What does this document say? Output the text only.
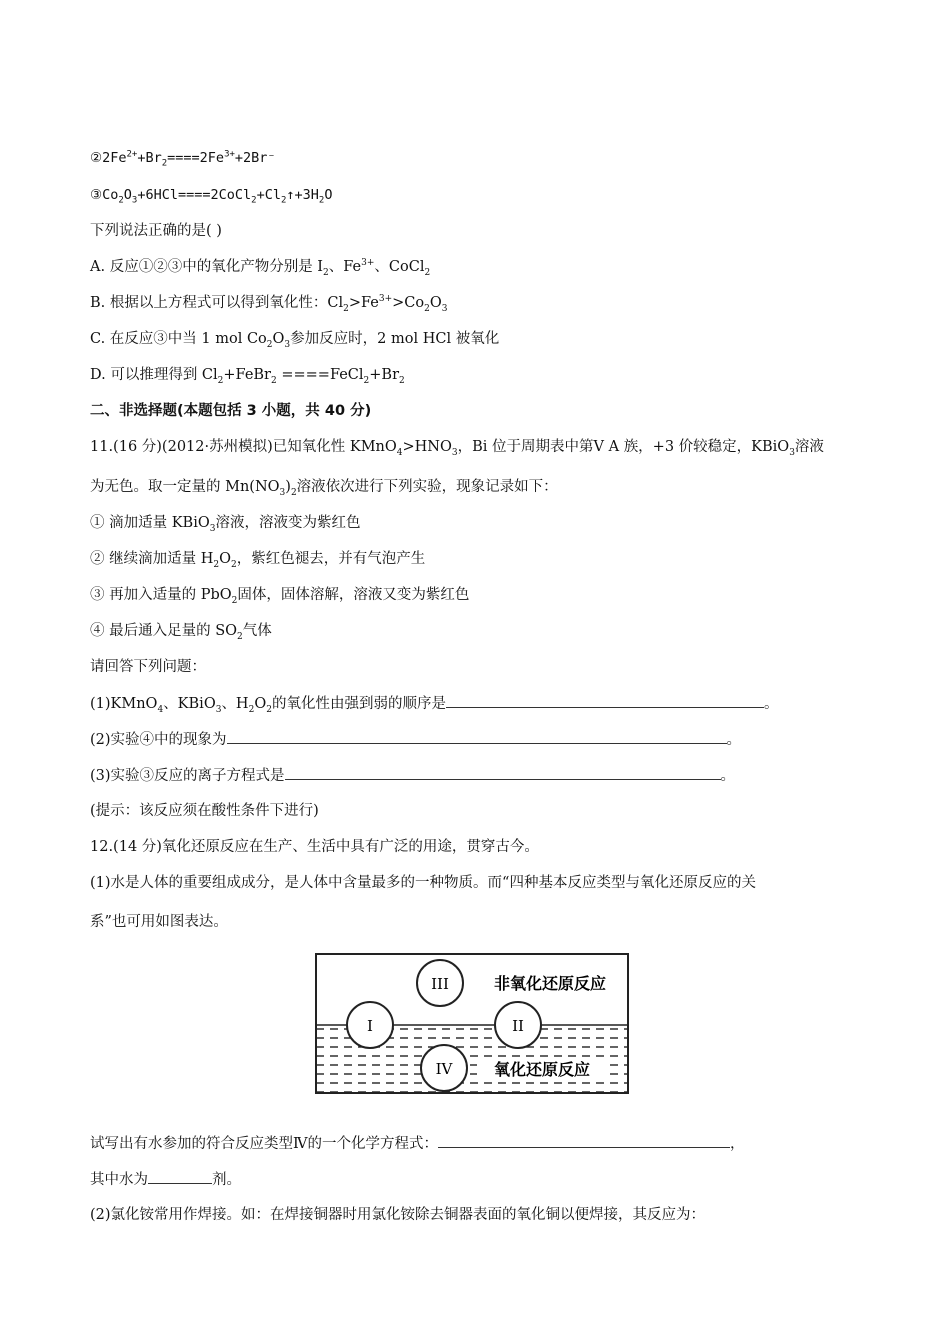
$②2Fe^{2+}+Br_2====2Fe^{3+}+2Br^-$
$③Co_2O_3+6HCl====2CoCl_2+Cl_2↑+3H_2O$
下列说法正确的是( )
A. 反应①②③中的氧化产物分别是 $I_2$、$Fe^{3+}$、CoCl$_2$
B. 根据以上方程式可以得到氧化性：$Cl_2>Fe^{3+}>Co_2O_3$
C. 在反应③中当 1 mol $Co_2O_3$参加反应时，2 mol HCl 被氧化
D. 可以推理得到 $Cl_2+FeBr_2$ $====FeCl_2+Br_2$
二、非选择题(本题包括 3 小题，共 40 分)
11.(16 分)(2012·苏州模拟)已知氧化性 $KMnO_4>HNO_3$，Bi 位于周期表中第Ⅴ A 族，+3 价较稳定，KBiO$_3$溶液
为无色。取一定量的 $Mn(NO_3)_2$溶液依次进行下列实验，现象记录如下：
① 滴加适量 KBiO$_3$溶液，溶液变为紫红色
② 继续滴加适量 $H_2O_2$，紫红色褪去，并有气泡产生
③ 再加入适量的 PbO$_2$固体，固体溶解，溶液又变为紫红色
④ 最后通入足量的 $SO_2$气体
请回答下列问题：
(1)KMnO$_4$、KBiO$_3$、$H_2O_2$的氧化性由强到弱的顺序是	。
(2)实验④中的现象为	。
(3)实验③反应的离子方程式是	。
(提示：该反应须在酸性条件下进行)
12.(14 分)氧化还原反应在生产、生活中具有广泛的用途，贯穿古今。
(1)水是人体的重要组成成分，是人体中含量最多的一种物质。而“四种基本反应类型与氧化还原反应的关
系”也可用如图表达。
III
I	II
IV
非氧化还原反应
氧化还原反应
试写出有水参加的符合反应类型Ⅳ的一个化学方程式：	，
其中水为	剂。
(2)氯化铵常用作焊接。如：在焊接铜器时用氯化铵除去铜器表面的氧化铜以便焊接，其反应为：
